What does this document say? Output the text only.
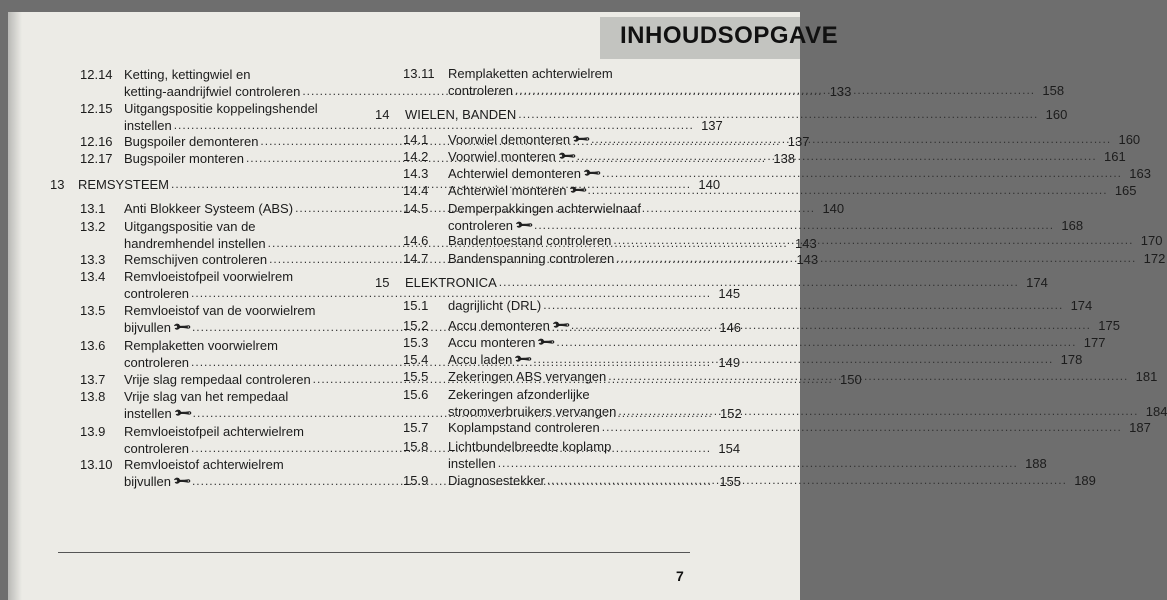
INHOUDSOPGAVE
12.14 Ketting, kettingwiel en
ketting-aandrijfwiel controleren .....	133
12.15 Uitgangspositie koppelingshendel
instellen .....	137
12.16 Bugspoiler demonteren .....	137
12.17 Bugspoiler monteren .....	138
13 REMSYSTEEM .....	140
13.1 Anti Blokkeer Systeem (ABS) .....	140
13.2 Uitgangspositie van de
handremhendel instellen .....	143
13.3 Remschijven controleren .....	143
13.4 Remvloeistofpeil voorwielrem
controleren .....	145
13.5 Remvloeistof van de voorwielrem
bijvullen 🔧 .....	146
13.6 Remplaketten voorwielrem
controleren .....	149
13.7 Vrije slag rempedaal controleren .....	150
13.8 Vrije slag van het rempedaal
instellen 🔧 .....	152
13.9 Remvloeistofpeil achterwielrem
controleren .....	154
13.10 Remvloeistof achterwielrem
bijvullen 🔧 .....	155
13.11 Remplaketten achterwielrem
controleren .....	158
14 WIELEN, BANDEN .....	160
14.1 Voorwiel demonteren 🔧 .....	160
14.2 Voorwiel monteren 🔧 .....	161
14.3 Achterwiel demonteren 🔧 .....	163
14.4 Achterwiel monteren 🔧 .....	165
14.5 Demperpakkingen achterwielnaaf
controleren 🔧 .....	168
14.6 Bandentoestand controleren .....	170
14.7 Bandenspanning controleren .....	172
15 ELEKTRONICA .....	174
15.1 dagrijlicht (DRL) .....	174
15.2 Accu demonteren 🔧 .....	175
15.3 Accu monteren 🔧 .....	177
15.4 Accu laden 🔧 .....	178
15.5 Zekeringen ABS vervangen .....	181
15.6 Zekeringen afzonderlijke
stroomverbruikers vervangen .....	184
15.7 Koplampstand controleren .....	187
15.8 Lichtbundelbreedte koplamp
instellen .....	188
15.9 Diagnosestekker .....	189
7
